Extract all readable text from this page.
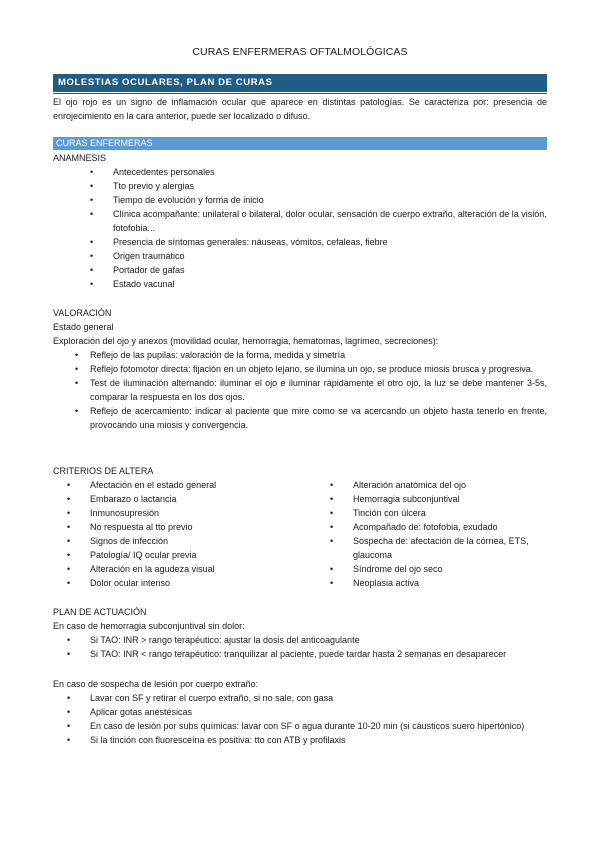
CURAS ENFERMERAS OFTALMOLÓGICAS
MOLESTIAS OCULARES, PLAN DE CURAS
El ojo rojo es un signo de inflamación ocular que aparece en distintas patologías. Se caracteriza por: presencia de enrojecimiento en la cara anterior, puede ser localizado o difuso.
CURAS ENFERMERAS
ANAMNESIS
• Antecedentes personales
• Tto previo y alergias
• Tiempo de evolución y forma de inicio
• Clínica acompañante: unilateral o bilateral, dolor ocular, sensación de cuerpo extraño, alteración de la visión, fotofobia...
• Presencia de síntomas generales: náuseas, vómitos, cefaleas, fiebre
• Origen traumático
• Portador de gafas
• Estado vacunal
VALORACIÓN
Estado general
Exploración del ojo y anexos (movilidad ocular, hemorragia, hematomas, lagrimeo, secreciones):
• Reflejo de las pupilas: valoración de la forma, medida y simetría
• Reflejo fotomotor directa: fijación en un objeto lejano, se ilumina un ojo, se produce miosis brusca y progresiva.
• Test de iluminación alternando: iluminar el ojo e iluminar rápidamente el otro ojo, la luz se debe mantener 3-5s, comparar la respuesta en los dos ojos.
• Reflejo de acercamiento: indicar al paciente que mire como se va acercando un objeto hasta tenerlo en frente, provocando una miosis y convergencia.
CRITERIOS DE ALTERA
• Afectación en el estado general
• Embarazo o lactancia
• Inmunosupresión
• No respuesta al tto previo
• Signos de infección
• Patología/ IQ ocular previa
• Alteración en la agudeza visual
• Dolor ocular intenso
• Alteración anatómica del ojo
• Hemorragia subconjuntival
• Tinción con úlcera
• Acompañado de: fotofobia, exudado
• Sospecha de: afectación de la córnea, ETS, glaucoma
• Síndrome del ojo seco
• Neoplasia activa
PLAN DE ACTUACIÓN
En caso de hemorragia subconjuntival sin dolor:
• Si TAO: INR > rango terapéutico: ajustar la dosis del anticoagulante
• Si TAO: INR < rango terapéutico: tranquilizar al paciente, puede tardar hasta 2 semanas en desaparecer
En caso de sospecha de lesión por cuerpo extraño:
• Lavar con SF y retirar el cuerpo extraño, si no sale, con gasa
• Aplicar gotas anestésicas
• En caso de lesión por subs químicas: lavar con SF o agua durante 10-20 min (si cáusticos suero hipertónico)
• Si la tinción con fluoresceína es positiva: tto con ATB y profilaxis
